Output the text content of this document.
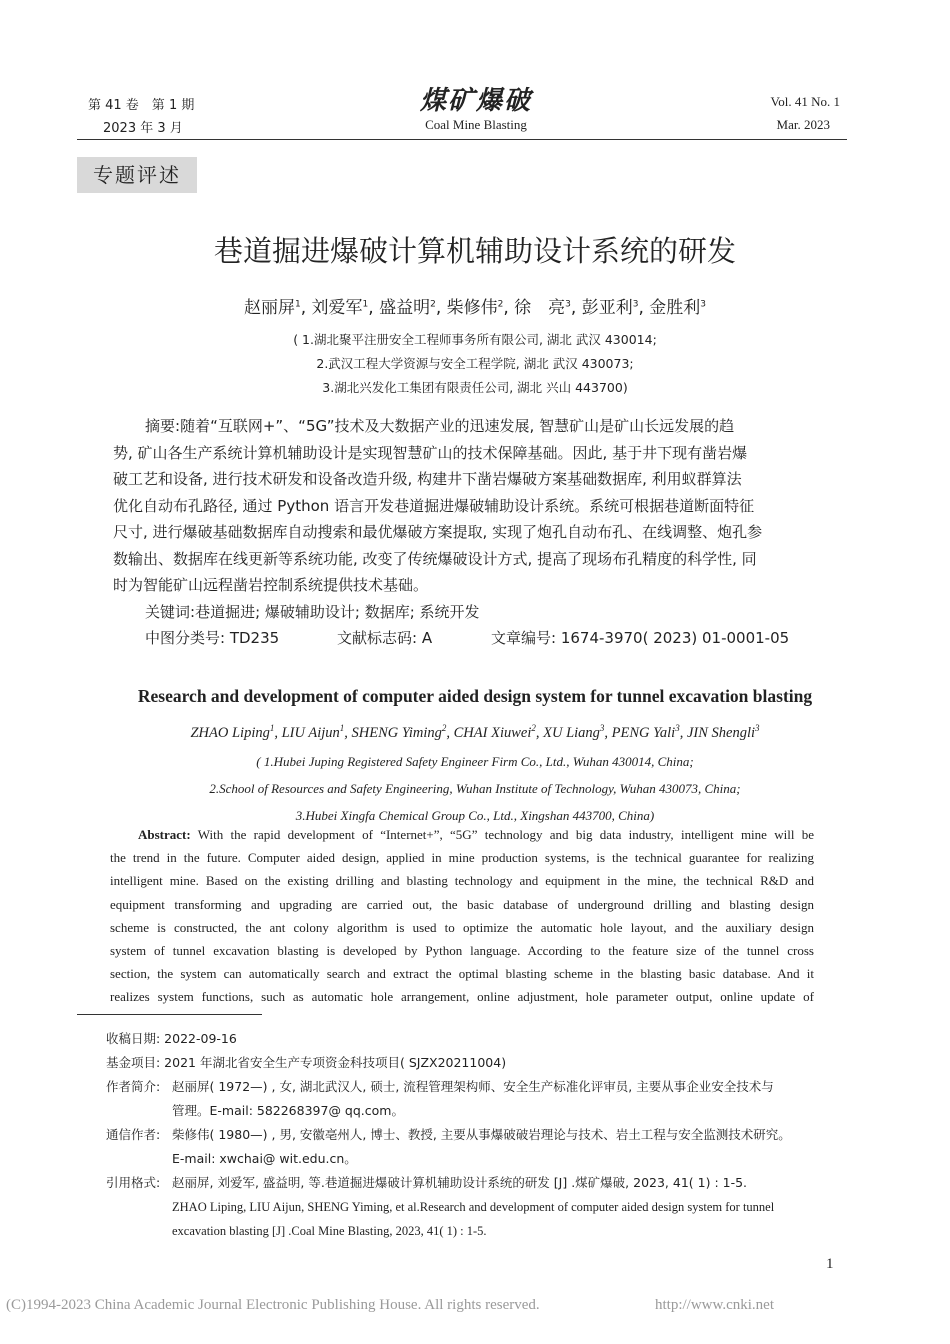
第 41 卷　第 1 期
2023 年 3 月
煤矿爆破
Coal Mine Blasting
Vol. 41 No. 1
Mar. 2023
专题评述
巷道掘进爆破计算机辅助设计系统的研发
赵丽屏$^1$, 刘爱军$^1$, 盛益明$^2$, 柴修伟$^2$, 徐　亮$^3$, 彭亚利$^3$, 金胜利$^3$
( 1.湖北聚平注册安全工程师事务所有限公司, 湖北 武汉 430014;
2.武汉工程大学资源与安全工程学院, 湖北 武汉 430073;
3.湖北兴发化工集团有限责任公司, 湖北 兴山 443700)
摘要:随着“互联网+”、“5G”技术及大数据产业的迅速发展, 智慧矿山是矿山长远发展的趋
势, 矿山各生产系统计算机辅助设计是实现智慧矿山的技术保障基础。因此, 基于井下现有凿岩爆
破工艺和设备, 进行技术研发和设备改造升级, 构建井下凿岩爆破方案基础数据库, 利用蚁群算法
优化自动布孔路径, 通过 Python 语言开发巷道掘进爆破辅助设计系统。系统可根据巷道断面特征
尺寸, 进行爆破基础数据库自动搜索和最优爆破方案提取, 实现了炮孔自动布孔、在线调整、炮孔参
数输出、数据库在线更新等系统功能, 改变了传统爆破设计方式, 提高了现场布孔精度的科学性, 同
时为智能矿山远程凿岩控制系统提供技术基础。
关键词:巷道掘进; 爆破辅助设计; 数据库; 系统开发
中图分类号: TD235	文献标志码: A	文章编号: 1674-3970( 2023) 01-0001-05
Research and development of computer aided design system for tunnel excavation blasting
ZHAO Liping$^1$, LIU Aijun$^1$, SHENG Yiming$^2$, CHAI Xiuwei$^2$, XU Liang$^3$, PENG Yali$^3$, JIN Shengli$^3$
( 1.Hubei Juping Registered Safety Engineer Firm Co., Ltd., Wuhan 430014, China;
2.School of Resources and Safety Engineering, Wuhan Institute of Technology, Wuhan 430073, China;
3.Hubei Xingfa Chemical Group Co., Ltd., Xingshan 443700, China)
Abstract: With the rapid development of “Internet+”, “5G” technology and big data industry, intelligent mine will be
the trend in the future. Computer aided design, applied in mine production systems, is the technical guarantee for realizing
intelligent mine. Based on the existing drilling and blasting technology and equipment in the mine, the technical R&D and
equipment transforming and upgrading are carried out, the basic database of underground drilling and blasting design
scheme is constructed, the ant colony algorithm is used to optimize the automatic hole layout, and the auxiliary design
system of tunnel excavation blasting is developed by Python language. According to the feature size of the tunnel cross
section, the system can automatically search and extract the optimal blasting scheme in the blasting basic database. And it
realizes system functions, such as automatic hole arrangement, online adjustment, hole parameter output, online update of
收稿日期: 2022-09-16
基金项目: 2021 年湖北省安全生产专项资金科技项目( SJZX20211004)
作者简介: 赵丽屏( 1972—) , 女, 湖北武汉人, 硕士, 流程管理架构师、安全生产标准化评审员, 主要从事企业安全技术与
管理。E-mail: 582268397@ qq.com。
通信作者: 柴修伟( 1980—) , 男, 安徽亳州人, 博士、教授, 主要从事爆破破岩理论与技术、岩土工程与安全监测技术研究。
E-mail: xwchai@ wit.edu.cn。
引用格式: 赵丽屏, 刘爱军, 盛益明, 等.巷道掘进爆破计算机辅助设计系统的研发 [J] .煤矿爆破, 2023, 41( 1) : 1-5.
ZHAO Liping, LIU Aijun, SHENG Yiming, et al.Research and development of computer aided design system for tunnel
excavation blasting [J] .Coal Mine Blasting, 2023, 41( 1) : 1-5.
1
(C)1994-2023 China Academic Journal Electronic Publishing House. All rights reserved.	http://www.cnki.net
